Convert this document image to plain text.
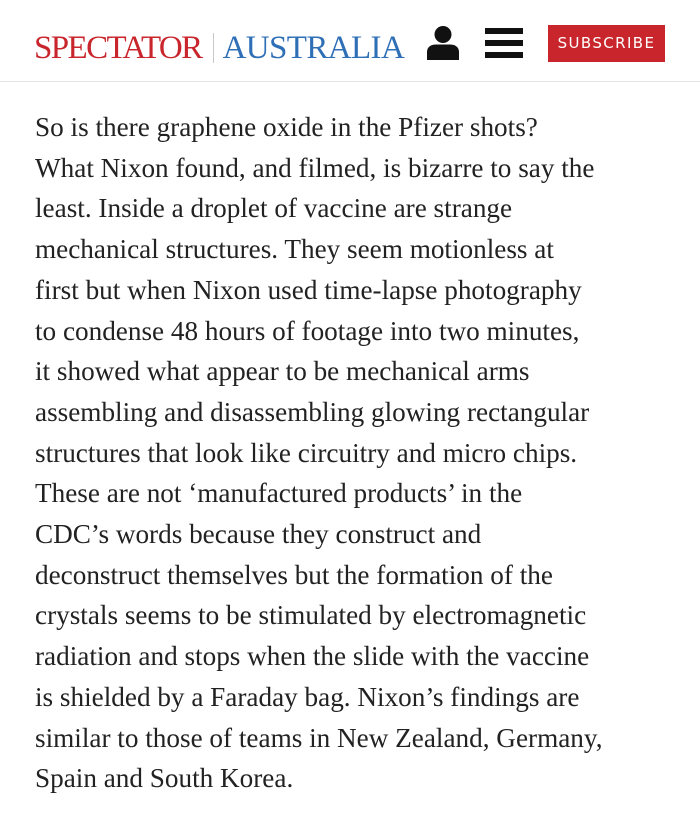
SPECTATOR AUSTRALIA	SUBSCRIBE

So is there graphene oxide in the Pfizer shots?
What Nixon found, and filmed, is bizarre to say the
least. Inside a droplet of vaccine are strange
mechanical structures. They seem motionless at
first but when Nixon used time-lapse photography
to condense 48 hours of footage into two minutes,
it showed what appear to be mechanical arms
assembling and disassembling glowing rectangular
structures that look like circuitry and micro chips.
These are not ‘manufactured products’ in the
CDC’s words because they construct and
deconstruct themselves but the formation of the
crystals seems to be stimulated by electromagnetic
radiation and stops when the slide with the vaccine
is shielded by a Faraday bag. Nixon’s findings are
similar to those of teams in New Zealand, Germany,
Spain and South Korea.
